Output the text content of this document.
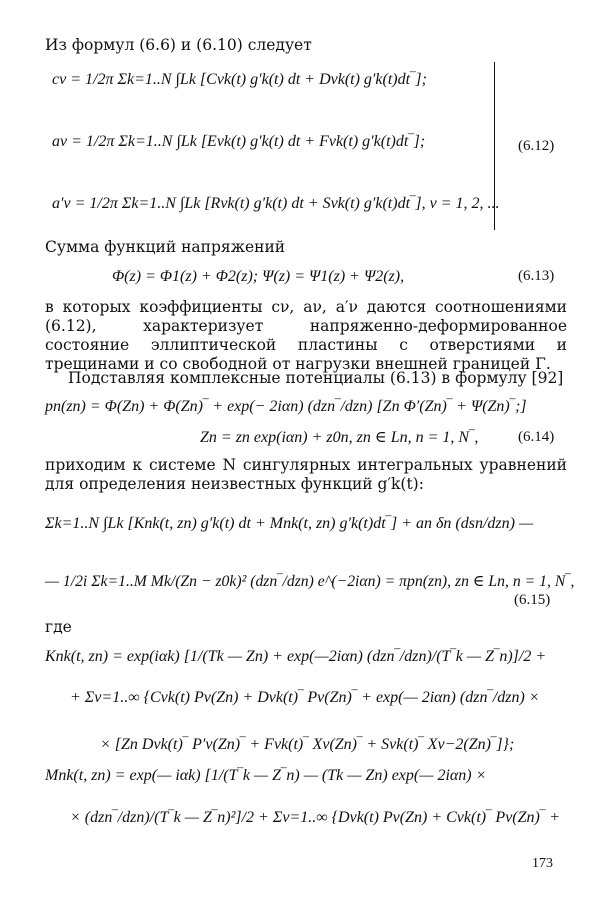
Из формул (6.6) и (6.10) следует
cν = 1/2π Σk=1..N ∫Lk [Cνk(t) g′k(t) dt + Dνk(t) g′k(t)dt‾];
aν = 1/2π Σk=1..N ∫Lk [Eνk(t) g′k(t) dt + Fνk(t) g′k(t)dt‾];
a′ν = 1/2π Σk=1..N ∫Lk [Rνk(t) g′k(t) dt + Sνk(t) g′k(t)dt‾], ν = 1, 2, ...
(6.12)
Сумма функций напряжений
Φ(z) = Φ1(z) + Φ2(z); Ψ(z) = Ψ1(z) + Ψ2(z),	(6.13)
в которых коэффициенты cν, aν, a′ν даются соотношениями (6.12), характеризует напряженно-деформированное состояние эллиптической пластины с отверстиями и трещинами и со свободной от нагрузки внешней границей Γ.
Подставляя комплексные потенциалы (6.13) в формулу [92]
pn(zn) = Φ(Zn) + Φ(Zn)‾ + exp(− 2iαn) (dzn‾/dzn) [Zn Φ′(Zn)‾ + Ψ(Zn)‾;]
Zn = zn exp(iαn) + z0n, zn ∈ Ln, n = 1, N‾,	(6.14)
приходим к системе N сингулярных интегральных уравнений для определения неизвестных функций g′k(t):
Σk=1..N ∫Lk [Knk(t, zn) g′k(t) dt + Mnk(t, zn) g′k(t)dt‾] + an δn (dsn/dzn) —
— 1/2i Σk=1..M Mk/(Zn − z0k)² (dzn‾/dzn) e^(−2iαn) = πpn(zn), zn ∈ Ln, n = 1, N‾,
(6.15)
где
Knk(t, zn) = exp(iαk) [1/(Tk — Zn) + exp(—2iαn) (dzn‾/dzn)/(T‾k — Z‾n)]/2 +
+ Σν=1..∞ {Cνk(t) Pν(Zn) + Dνk(t)‾ Pν(Zn)‾ + exp(— 2iαn) (dzn‾/dzn) ×
× [Zn Dνk(t)‾ P′ν(Zn)‾ + Fνk(t)‾ Xν(Zn)‾ + Sνk(t)‾ Xν−2(Zn)‾]};
Mnk(t, zn) = exp(— iαk) [1/(T‾k — Z‾n) — (Tk — Zn) exp(— 2iαn) ×
× (dzn‾/dzn)/(T‾k — Z‾n)²]/2 + Σν=1..∞ {Dνk(t) Pν(Zn) + Cνk(t)‾ Pν(Zn)‾ +
173
